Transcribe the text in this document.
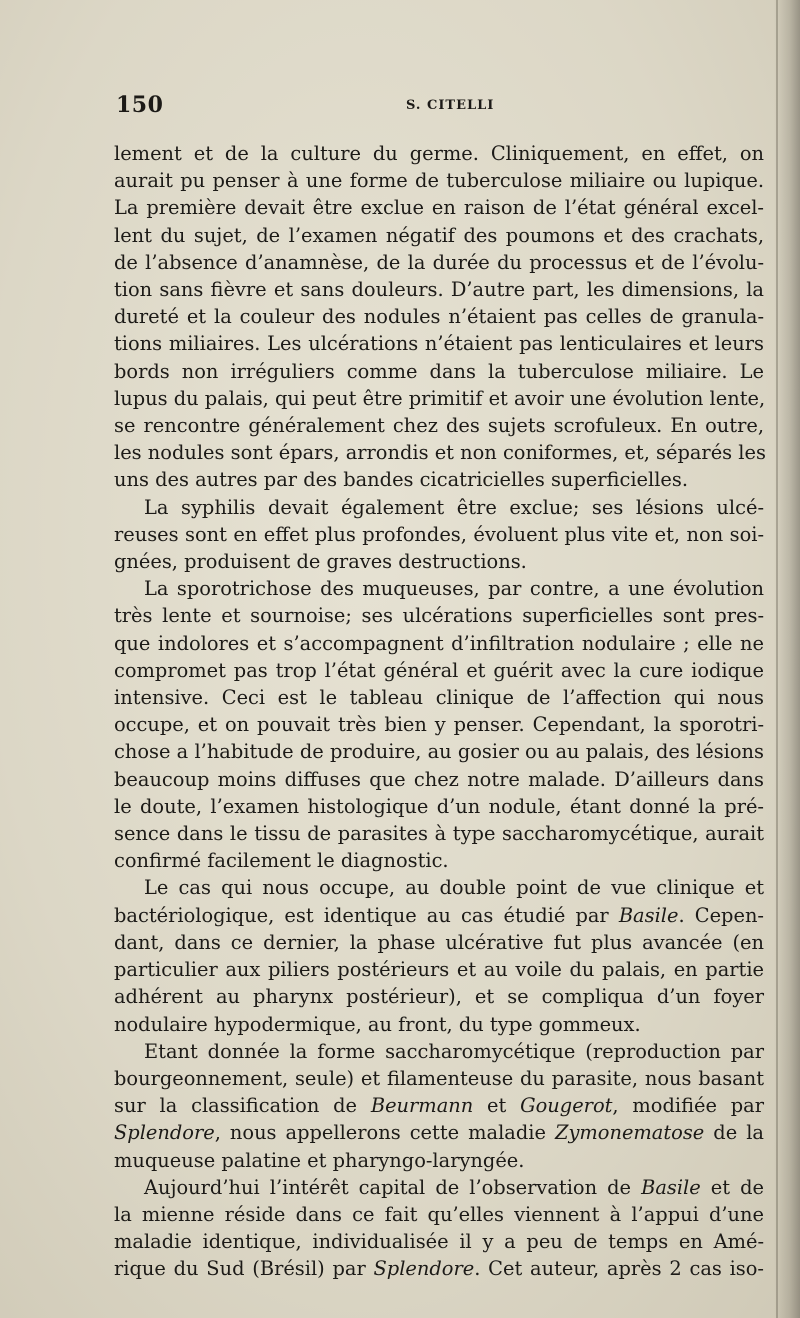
150	S. CITELLI
lement et de la culture du germe. Cliniquement, en effet, on
aurait pu penser à une forme de tuberculose miliaire ou lupique.
La première devait être exclue en raison de l’état général excel-
lent du sujet, de l’examen négatif des poumons et des crachats,
de l’absence d’anamnèse, de la durée du processus et de l’évolu-
tion sans fièvre et sans douleurs. D’autre part, les dimensions, la
dureté et la couleur des nodules n’étaient pas celles de granula-
tions miliaires. Les ulcérations n’étaient pas lenticulaires et leurs
bords non irréguliers comme dans la tuberculose miliaire. Le
lupus du palais, qui peut être primitif et avoir une évolution lente,
se rencontre généralement chez des sujets scrofuleux. En outre,
les nodules sont épars, arrondis et non coniformes, et, séparés les
uns des autres par des bandes cicatricielles superficielles.
La syphilis devait également être exclue; ses lésions ulcé-
reuses sont en effet plus profondes, évoluent plus vite et, non soi-
gnées, produisent de graves destructions.
La sporotrichose des muqueuses, par contre, a une évolution
très lente et sournoise; ses ulcérations superficielles sont pres-
que indolores et s’accompagnent d’infiltration nodulaire ; elle ne
compromet pas trop l’état général et guérit avec la cure iodique
intensive. Ceci est le tableau clinique de l’affection qui nous
occupe, et on pouvait très bien y penser. Cependant, la sporotri-
chose a l’habitude de produire, au gosier ou au palais, des lésions
beaucoup moins diffuses que chez notre malade. D’ailleurs dans
le doute, l’examen histologique d’un nodule, étant donné la pré-
sence dans le tissu de parasites à type saccharomycétique, aurait
confirmé facilement le diagnostic.
Le cas qui nous occupe, au double point de vue clinique et
bactériologique, est identique au cas étudié par Basile. Cepen-
dant, dans ce dernier, la phase ulcérative fut plus avancée (en
particulier aux piliers postérieurs et au voile du palais, en partie
adhérent au pharynx postérieur), et se compliqua d’un foyer
nodulaire hypodermique, au front, du type gommeux.
Etant donnée la forme saccharomycétique (reproduction par
bourgeonnement, seule) et filamenteuse du parasite, nous basant
sur la classification de Beurmann et Gougerot, modifiée par
Splendore, nous appellerons cette maladie Zymonematose de la
muqueuse palatine et pharyngo-laryngée.
Aujourd’hui l’intérêt capital de l’observation de Basile et de
la mienne réside dans ce fait qu’elles viennent à l’appui d’une
maladie identique, individualisée il y a peu de temps en Amé-
rique du Sud (Brésil) par Splendore. Cet auteur, après 2 cas iso-
